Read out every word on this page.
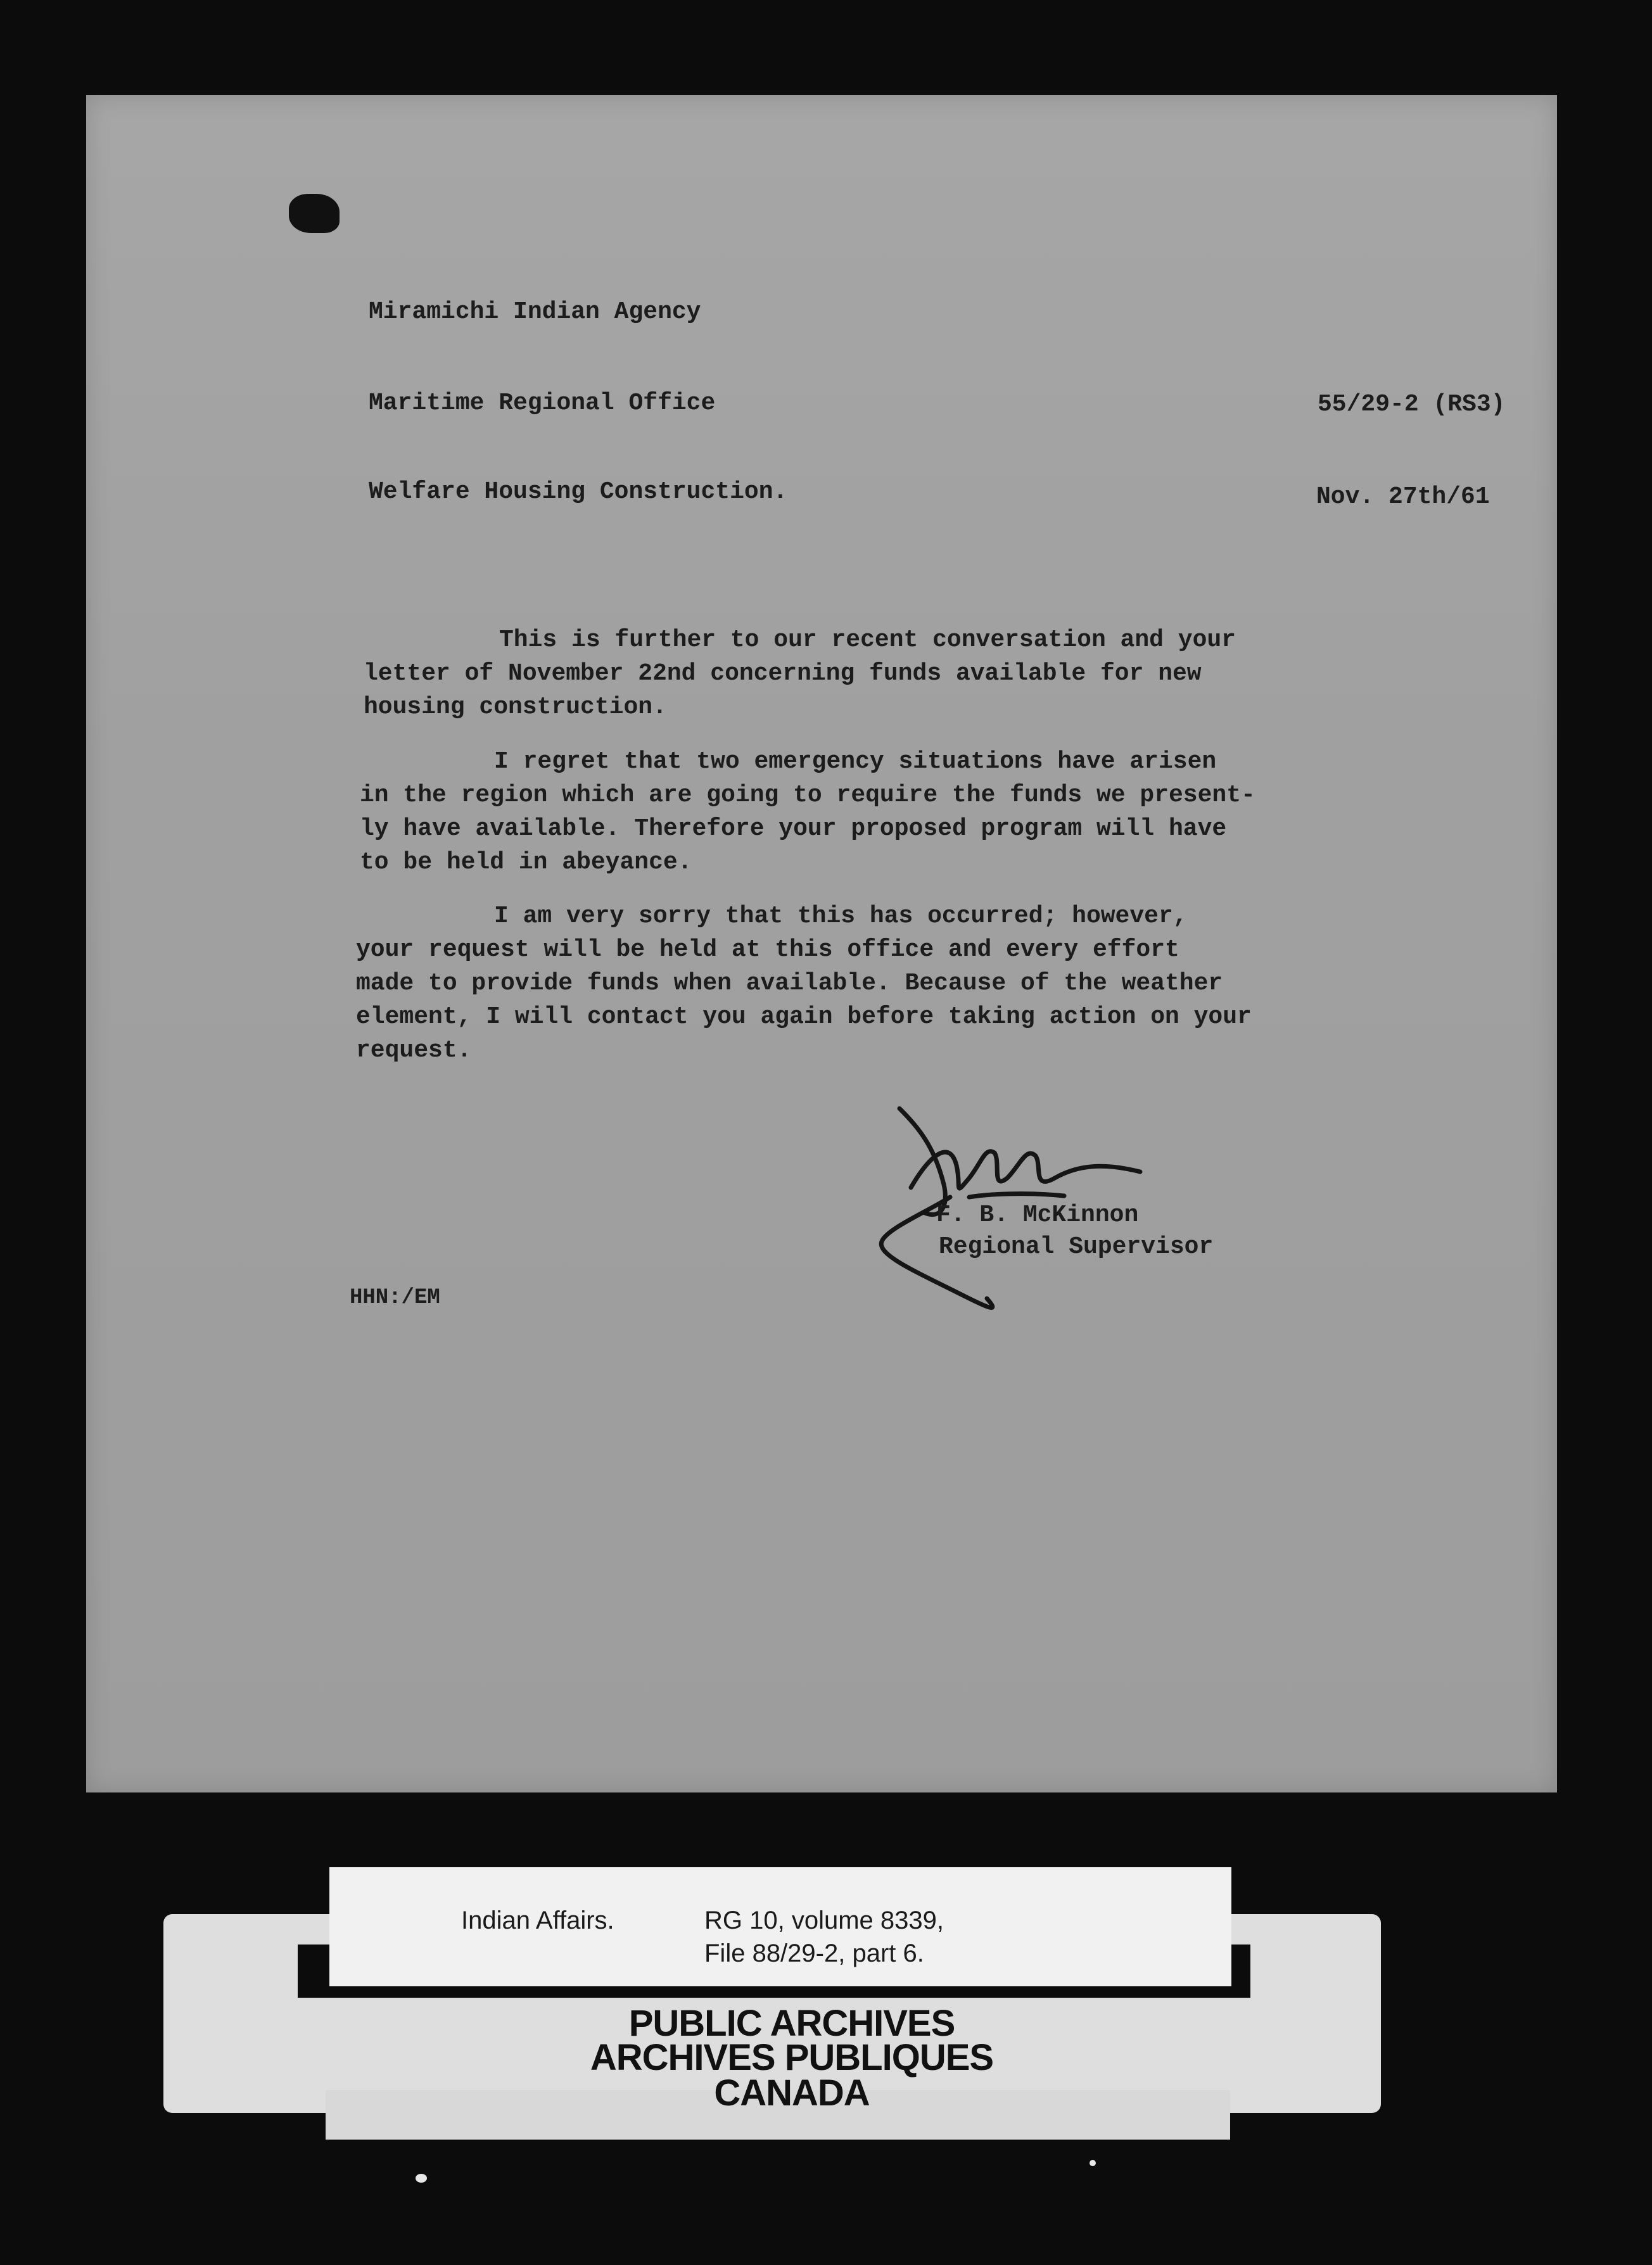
Miramichi Indian Agency
Maritime Regional Office	55/29-2 (RS3)
Welfare Housing Construction.	Nov. 27th/61
This is further to our recent conversation and your
letter of November 22nd concerning funds available for new
housing construction.
I regret that two emergency situations have arisen
in the region which are going to require the funds we present-
ly have available. Therefore your proposed program will have
to be held in abeyance.
I am very sorry that this has occurred; however,
your request will be held at this office and every effort
made to provide funds when available. Because of the weather
element, I will contact you again before taking action on your
request.
F. B. McKinnon
Regional Supervisor
HHN:/EM
Indian Affairs.	RG 10, volume 8339,
File 88/29-2, part 6.
PUBLIC ARCHIVES
ARCHIVES PUBLIQUES
CANADA
